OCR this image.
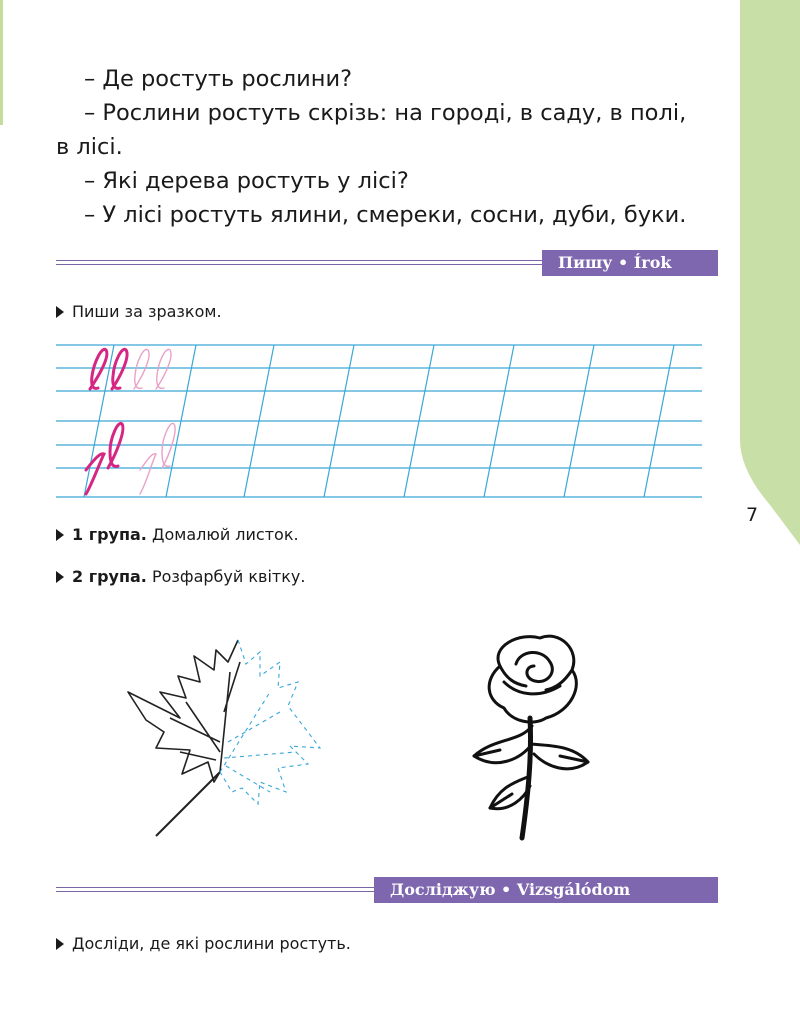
– Де ростуть рослини?

– Рослини ростуть скрізь: на городі, в саду, в полі,

в лісі.

– Які дерева ростуть у лісі?

– У лісі ростуть ялини, смереки, сосни, дуби, буки.

Пишу • Írok
Пиши за зразком.
1 група. Домалюй листок.
2 група. Розфарбуй квітку.
7
Досліджую • Vizsgálódom
Досліди, де які рослини ростуть.
